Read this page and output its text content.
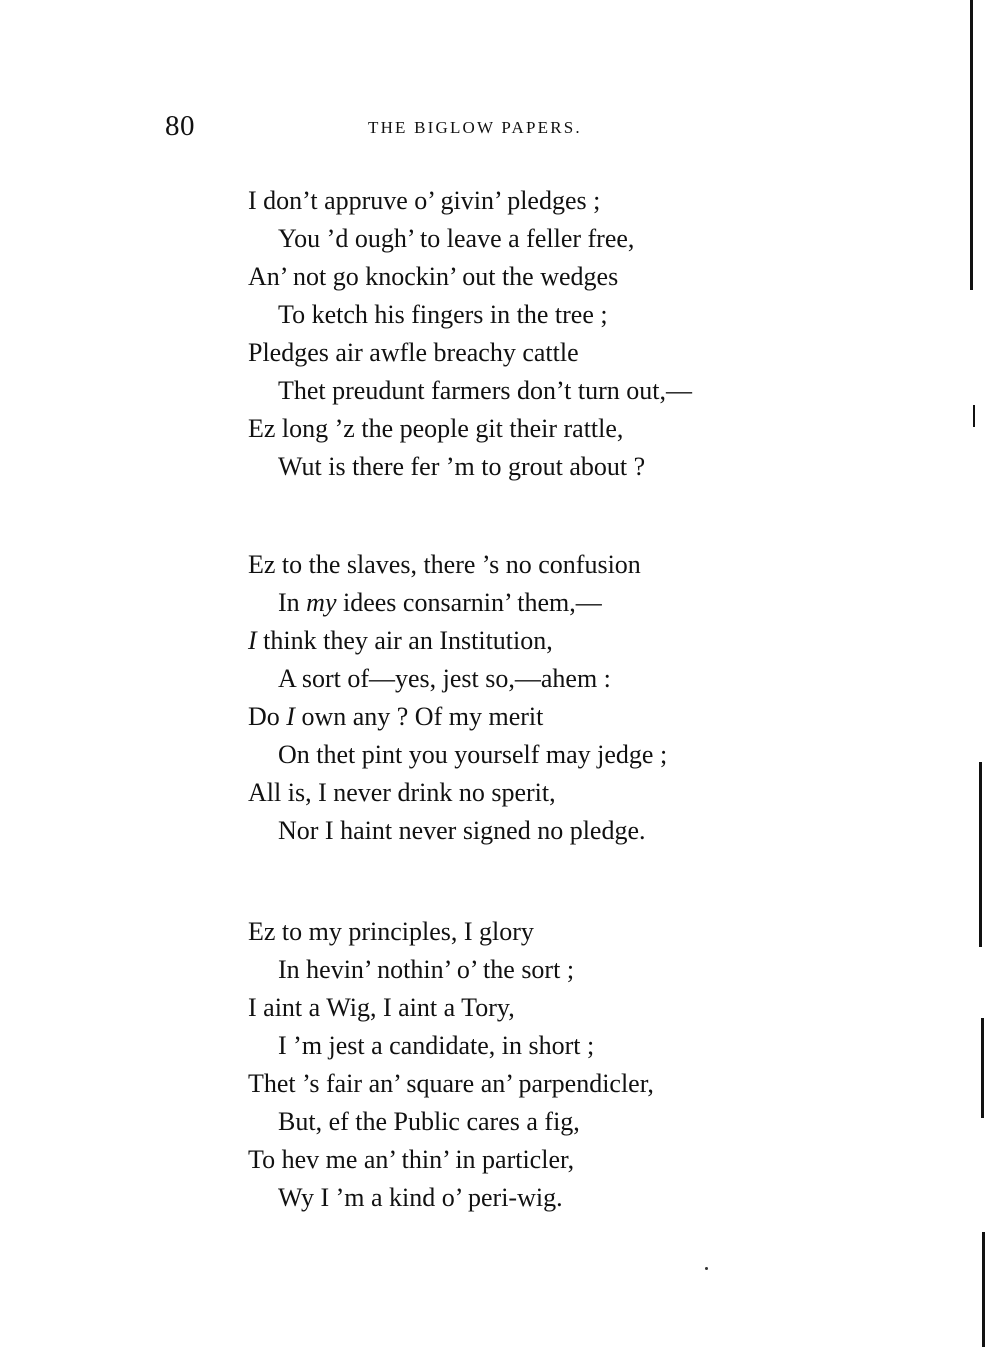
80	THE BIGLOW PAPERS.
I don’t appruve o’ givin’ pledges ;
You ’d ough’ to leave a feller free,
An’ not go knockin’ out the wedges
To ketch his fingers in the tree ;
Pledges air awfle breachy cattle
Thet preudunt farmers don’t turn out,—
Ez long ’z the people git their rattle,
Wut is there fer ’m to grout about ?
Ez to the slaves, there ’s no confusion
In my idees consarnin’ them,—
I think they air an Institution,
A sort of—yes, jest so,—ahem :
Do I own any ? Of my merit
On thet pint you yourself may jedge ;
All is, I never drink no sperit,
Nor I haint never signed no pledge.
Ez to my principles, I glory
In hevin’ nothin’ o’ the sort ;
I aint a Wig, I aint a Tory,
I ’m jest a candidate, in short ;
Thet ’s fair an’ square an’ parpendicler,
But, ef the Public cares a fig,
To hev me an’ thin’ in particler,
Wy I ’m a kind o’ peri-wig.
